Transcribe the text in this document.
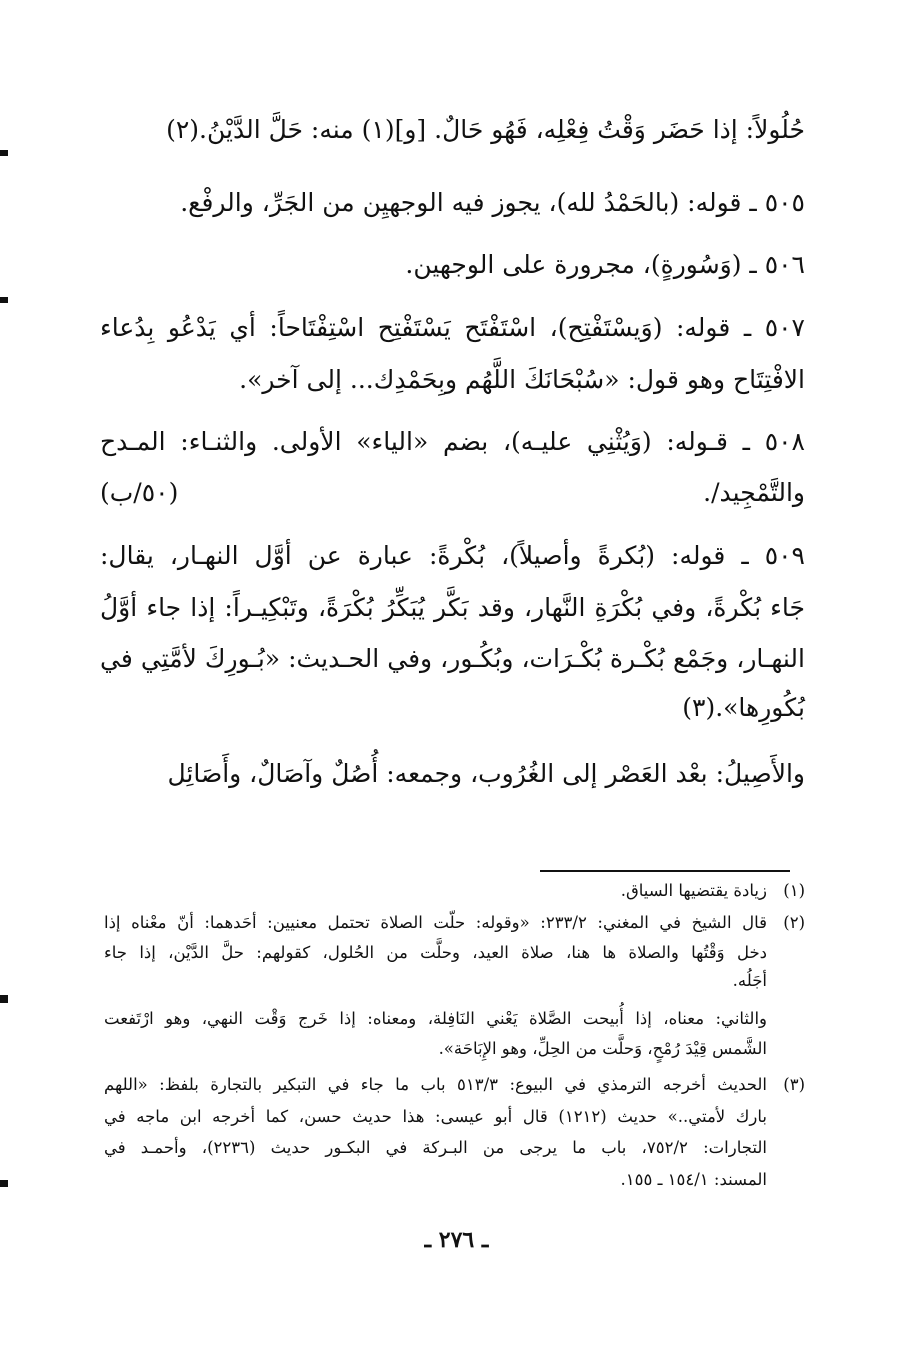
حُلُولاً: إذا حَضَر وَقْتُ فِعْلِه، فَهُو حَالٌ. [و](١) منه: حَلَّ الدَّيْنُ.(٢)
٥٠٥ ـ قوله: (بالحَمْدُ لله)، يجوز فيه الوجهيِن من الجَرِّ، والرفْع.
٥٠٦ ـ (وَسُورةٍ)، مجرورة على الوجهين.
٥٠٧ ـ قوله: (وَيسْتَفْتِح)، اسْتَفْتَح يَسْتَفْتِح اسْتِفْتَاحاً: أي يَدْعُو بِدُعاء
الافْتِتَاح وهو قول: «سُبْحَانَكَ اللَّهُم وبِحَمْدِك... إلى آخر».
٥٠٨ ـ قـوله: (وَيُثْنِي عليـه)، بضم «الياء» الأولى. والثنـاء: المـدح
والتَّمْجِيد/. (٥٠/ب)
٥٠٩ ـ قوله: (بُكرةً وأصيلاً)، بُكْرةً: عبارة عن أوَّل النهـار، يقال:
جَاء بُكْرةً، وفي بُكْرَةِ النَّهار، وقد بَكَّر يُبَكِّرُ بُكْرَةً، وتَبْكِيـراً: إذا جاء أوَّلُ
النهـار، وجَمْع بُكْـرة بُكْـرَات، وبُكُـور، وفي الحـديث: «بُـورِكَ لأمَّتِي في
بُكُورِها».(٣)
والأَصِيلُ: بعْد العَصْر إلى الغُرُوب، وجمعه: أُصُلٌ وآصَالٌ، وأَصَائِل
(١)
زيادة يقتضيها السياق.
(٢)
قال الشيخ في المغني: ٢٣٣/٢: «وقوله: حلّت الصلاة تحتمل معنيين: أحَدهما: أنّ معْناه إذا
دخل وَقْتُها والصلاة ها هنا، صلاة العيد، وحلَّت من الحُلول، كقولهم: حلَّ الدَّيْن، إذا جاء
أجَلُه.
والثاني: معناه، إذا أُبيحت الصَّلاة يَعْني النَافِلة، ومعناه: إذا خَرج وَقْت النهي، وهو ارْتَفعت
الشَّمس قِيْدَ رُمْحٍ، وَحلَّت من الحِلِّ، وهو الإِبَاحَة».
(٣)
الحديث أخرجه الترمذي في البيوع: ٥١٣/٣ باب ما جاء في التبكير بالتجارة بلفظ: «اللهم
بارك لأمتي..» حديث (١٢١٢) قال أبو عيسى: هذا حديث حسن، كما أخرجه ابن ماجه في
التجارات: ٧٥٢/٢، باب ما يرجى من البـركة في البكـور حديث (٢٢٣٦)، وأحمـد في
المسند: ١٥٤/١ ـ ١٥٥.
ـ ٢٧٦ ـ
